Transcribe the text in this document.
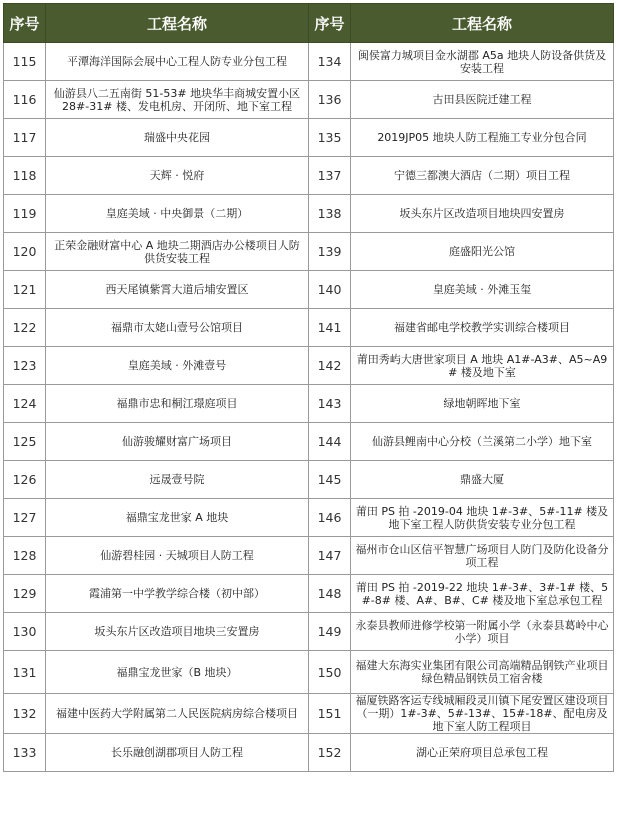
序号	工程名称	序号	工程名称
115	平潭海洋国际会展中心工程人防专业分包工程	134	闽侯富力城项目金水湖郡 A5a 地块人防设备供货及安装工程
116	仙游县八二五南街 51-53# 地块华丰商城安置小区 28#-31# 楼、发电机房、开闭所、地下室工程	136	古田县医院迁建工程
117	瑞盛中央花园	135	2019JP05 地块人防工程施工专业分包合同
118	天辉 · 悦府	137	宁德三都澳大酒店（二期）项目工程
119	皇庭美域 · 中央御景（二期）	138	坂头东片区改造项目地块四安置房
120	正荣金融财富中心 A 地块二期酒店办公楼项目人防供货安装工程	139	庭盛阳光公馆
121	西天尾镇紫霄大道后埔安置区	140	皇庭美域 · 外滩玉玺
122	福鼎市太姥山壹号公馆项目	141	福建省邮电学校教学实训综合楼项目
123	皇庭美域 · 外滩壹号	142	莆田秀屿大唐世家项目 A 地块 A1#-A3#、A5~A9# 楼及地下室
124	福鼎市忠和桐江璟庭项目	143	绿地朝晖地下室
125	仙游骏耀财富广场项目	144	仙游县鲤南中心分校（兰溪第二小学）地下室
126	远晟壹号院	145	鼎盛大厦
127	福鼎宝龙世家 A 地块	146	莆田 PS 拍 -2019-04 地块 1#-3#、5#-11# 楼及地下室工程人防供货安装专业分包工程
128	仙游碧桂园 · 天城项目人防工程	147	福州市仓山区信平智慧广场项目人防门及防化设备分项工程
129	霞浦第一中学教学综合楼（初中部）	148	莆田 PS 拍 -2019-22 地块 1#-3#、3#-1# 楼、5#-8# 楼、A#、B#、C# 楼及地下室总承包工程
130	坂头东片区改造项目地块三安置房	149	永泰县教师进修学校第一附属小学（永泰县葛岭中心小学）项目
131	福鼎宝龙世家（B 地块）	150	福建大东海实业集团有限公司高端精品钢铁产业项目绿色精品钢铁员工宿舍楼
132	福建中医药大学附属第二人民医院病房综合楼项目	151	福厦铁路客运专线城厢段灵川镇下尾安置区建设项目（一期）1#-3#、5#-13#、15#-18#、配电房及地下室人防工程项目
133	长乐融创湖郡项目人防工程	152	湖心正荣府项目总承包工程
